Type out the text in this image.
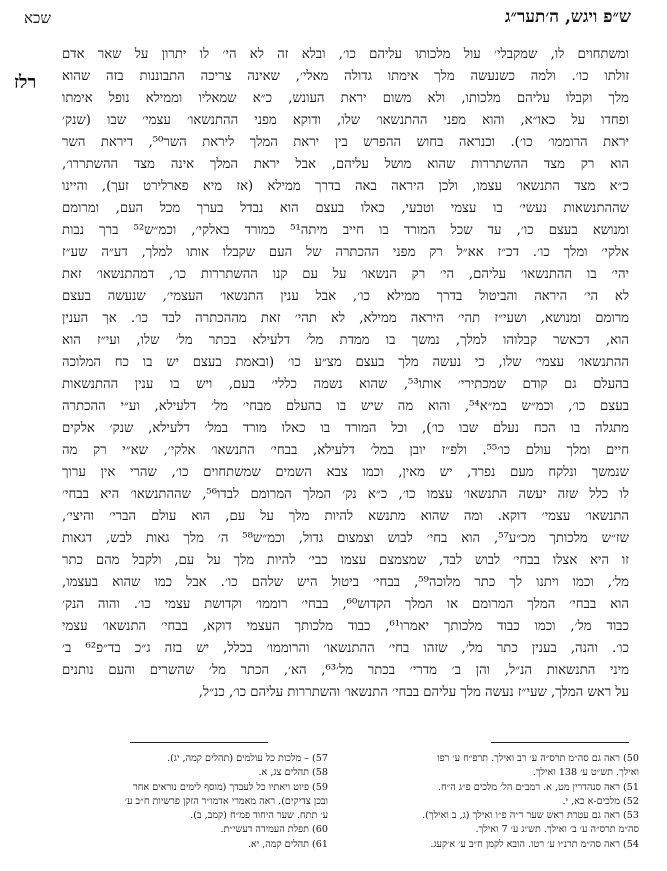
ש״פ ויגש, ה׳תער״ג
שכא
רלז
ומשתחוים לו, שמקבלי׳ עול מלכותו עליהם כו׳, ובלא זה לא הי׳ לו יתרון על שאר אדם
זולתו כו׳. ולמה כשנעשה מלך אימתו גדולה מאלי׳, שאינה צריכה התבוננות בזה שהוא
מלך וקבלו עליהם מלכותו, ולא משום יראת העונש, כ״א שמאליו וממילא נופל אימתו
ופחדו על כאו״א, והוא מפני ההתנשאו׳ שלו, ודוקא מפני ההתנשאו׳ עצמי׳ שבו (שנק׳
יראת הרוממו׳ כו׳). וכנראה בחוש ההפרש בין יראת המלך ליראת השר⁵⁰, דיראת השר
הוא רק מצד ההשתררות שהוא מושל עליהם, אבל יראת המלך אינה מצד ההשתררו׳,
כ״א מצד התנשאו׳ עצמו, ולכן היראה באה בדרך ממילא (אז מיא פארלירט זעך), והיינו
שההתנשאות נעשי׳ בו עצמי וטבעי, כאלו בעצם הוא נבדל בערך מכל העם, ומרומם
ומנושא בעצם כו׳, עד שכל המורד בו חייב מיתה⁵¹ כמורד באלקי׳, וכמ״ש⁵² ברך נבות
אלקי׳ ומלך כו׳. דכ״ז אא״ל רק מפני ההכתרה של העם שקבלו אותו למלך, דע״ה שע״ז
יהי׳ בו ההתנשאו׳ עליהם, הי׳ רק הנשאו׳ על עם קנו ההשתררות כו׳, דמהתנשאו׳ זאת
לא הי׳ היראה והביטול בדרך ממילא כו׳, אבל ענין התנשאו׳ העצמי׳, שנעשה בעצם
מרומם ומנושא, ושעי״ז תהי׳ היראה ממילא, לא תהי׳ זאת מההכתרה לבד כו׳. אך הענין
הוא, דכאשר קבלוהו למלך, נמשך בו ממדת מל׳ דלעילא בכתר מל׳ שלו, ועי״ז הוא
ההתנשאו׳ עצמי׳ שלו, כי נעשה מלך בעצם מצ״ע כו׳ (ובאמת בעצם יש בו כח המלוכה
בהעלם גם קודם שמכתירי׳ אותו⁵³, שהוא נשמה כללי׳ בעם, ויש בו ענין ההתנשאות
בעצם כו׳, וכמ״ש במ״א⁵⁴, והוא מה שיש בו בהעלם מבחי׳ מל׳ דלעילא, וע״י ההכתרה
מתגלה בו הכח נעלם שבו כו׳), וכל המורד בו כאלו מורד במל׳ דלעילא, שנק׳ אלקים
חיים ומלך עולם כו׳⁵⁵. ולפ״ז יובן במל׳ דלעילא, בבחי׳ התנשאו׳ אלקי׳, שא״י רק מה
שנמשך ונלקח מעם נפרד, יש מאין, וכמו צבא השמים שמשתחוים כו׳, שהרי אין ערוך
לו כלל שזה יעשה התנשאו׳ עצמו כו׳, כ״א נק׳ המלך המרומם לבדו⁵⁶, שההתנשאו׳ היא בבחי׳
התנשאו׳ עצמי׳ דוקא. ומה שהוא מתנשא להיות מלך על עם, הוא עולם הברי׳ והיצי׳,
שז״ש מלכותך מכ״ע⁵⁷, הוא בחי׳ לבוש וצמצום גדול, וכמ״ש⁵⁸ ה׳ מלך גאות לבש, דגאות
זו היא אצלו בבחי׳ לבוש לבד, שמצמצם עצמו כבי׳ להיות מלך על עם, ולקבל מהם כתר
מל׳, וכמו ויתנו לך כתר מלוכה⁵⁹, בבחי׳ ביטול היש שלהם כו׳. אבל כמו שהוא בעצמו,
הוא בבחי׳ המלך המרומם או המלך הקדוש⁶⁰, בבחי׳ רוממו׳ וקדושת עצמי כו׳. והוה הנק׳
כבוד מל׳, וכמו כבוד מלכותך יאמרו⁶¹, כבוד מלכותך העצמי דוקא, בבחי׳ התנשאו׳ עצמי
כו׳. והנה, בענין כתר מל׳, שזהו בחי׳ ההתנשאו׳ והרוממו׳ בכלל, יש בזה ג״כ בד״פ⁶² ב׳
מיני התנשאות הנ״ל, והן ב׳ מדרי׳ בכתר מל׳⁶³, הא׳, הכתר מל׳ שהשרים והעם נותנים
על ראש המלך, שעי״ז נעשה מלך עליהם בבחי׳ התנשאו׳ והשתררות עליהם כו׳, כנ״ל,
50) ראה גם סה״מ תרס״ה ע׳ רב ואילך. תרפ״ח ע׳ רפו
ואילך. תש״ט ע׳ 138 ואילך.
51) ראה סנהדרין מט, א. רמב״ם הל׳ מלכים פ״ג ה״ח.
52) מלכים-א כא, י.
53) ראה גם עטרת ראש שער ר״ה פ״ו ואילך (ג, ב ואילך).
סה״מ תרס״ה ע׳ ב׳ ואילך. תש״ג ע׳ 7 ואילך.
54) ראה סה״מ תרנ״ו ע׳ רטו. הובא לקמן ח״ב ע׳ א׳קעג.
57) – מלכות כל עולמים (תהלים קמה, יג).
58) תהלים צג, א.
59) פיוט ויאתיו כל לעבדך (מוסף לימים נוראים אחר
ובכן צדיקים). ראה מאמרי אדמו״ר הזקן פרשיות ח״ב ע׳
ע׳ תתח. שער היחוד פמ״ח (קמב, ב).
60) תפלת העמידה דעשי״ת.
61) תהלים קמה, יא.
